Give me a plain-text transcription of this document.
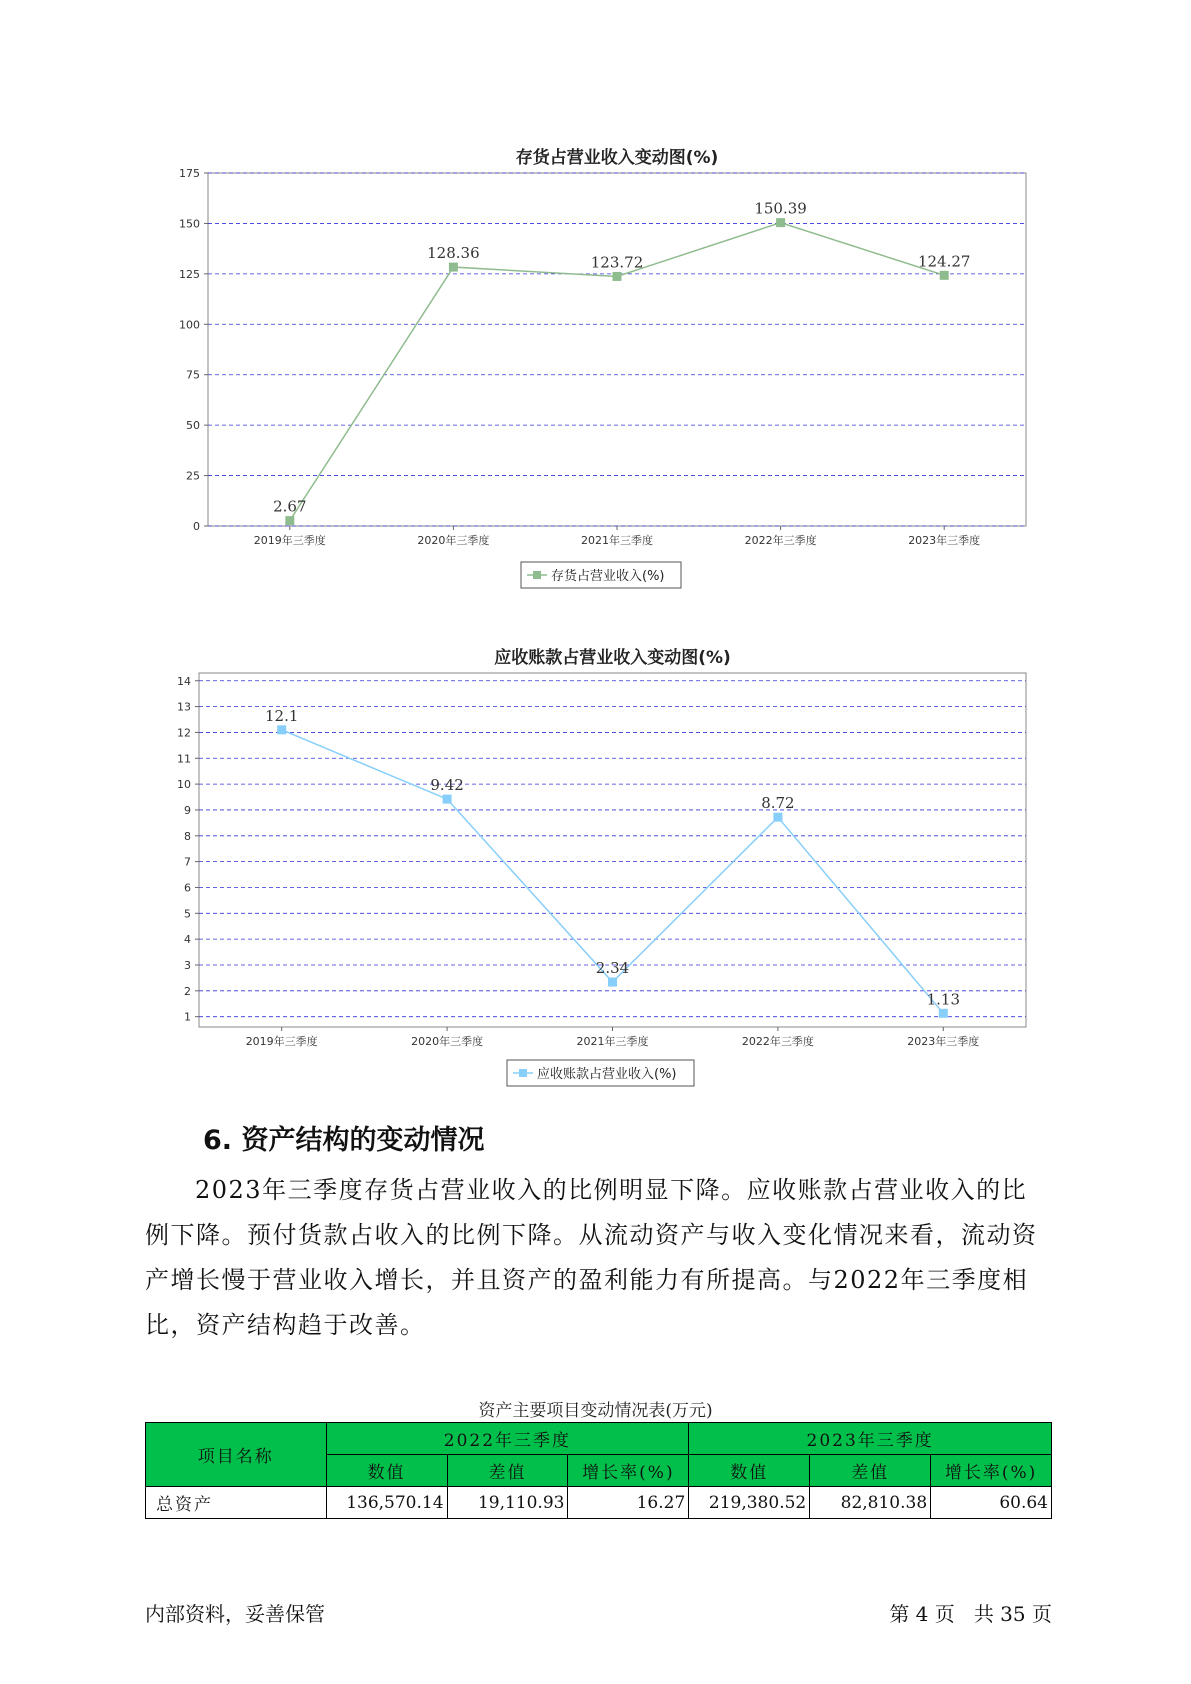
存货占营业收入变动图(%)
0
25
50
75
100
125
150
175
2019年三季度	2020年三季度	2021年三季度	2022年三季度	2023年三季度
2.67
128.36
123.72
150.39
124.27
存货占营业收入(%)
应收账款占营业收入变动图(%)
1
2
3
4
5
6
7
8
9
10
11
12
13
14
2019年三季度	2020年三季度	2021年三季度	2022年三季度	2023年三季度
12.1
9.42
2.34
8.72
1.13
应收账款占营业收入(%)
6. 资产结构的变动情况

2023年三季度存货占营业收入的比例明显下降。应收账款占营业收入的比例下降。预付货款占收入的比例下降。从流动资产与收入变化情况来看，流动资产增长慢于营业收入增长，并且资产的盈利能力有所提高。与2022年三季度相比，资产结构趋于改善。

资产主要项目变动情况表(万元)
项目名称	2022年三季度			2023年三季度		
	数值	差值	增长率(%)	数值	差值	增长率(%)
总资产	136,570.14	19,110.93	16.27	219,380.52	82,810.38	60.64
内部资料，妥善保管	第 4 页   共 35 页
